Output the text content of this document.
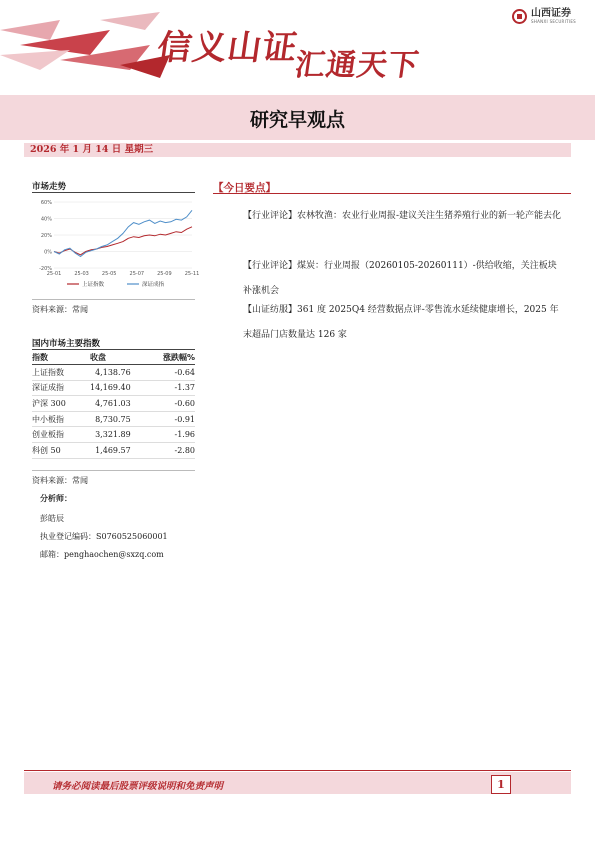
信义山证汇通天下
山西证券
SHANXI SECURITIES
研究早观点
2026 年 1 月 14 日 星期三
市场走势
-20%
0%
20%
40%
60%
25-01	25-03	25-05	25-07	25-09	25-11
上证指数	深证成指
资料来源：常闻
国内市场主要指数
指数	收盘	涨跌幅%
上证指数	4,138.76	-0.64
深证成指	14,169.40	-1.37
沪深 300	4,761.03	-0.60
中小板指	8,730.75	-0.91
创业板指	3,321.89	-1.96
科创 50	1,469.57	-2.80
资料来源：常闻
分析师：
彭皓辰
执业登记编码：S0760525060001
邮箱：penghaochen@sxzq.com
【今日要点】
【行业评论】农林牧渔：农业行业周报-建议关注生猪养殖行业的新一轮产能去化
【行业评论】煤炭：行业周报（20260105-20260111）-供给收缩，关注板块补涨机会
【山证纺服】361 度 2025Q4 经营数据点评-零售流水延续健康增长，2025 年末超品门店数量达 126 家
请务必阅读最后股票评级说明和免责声明	1
